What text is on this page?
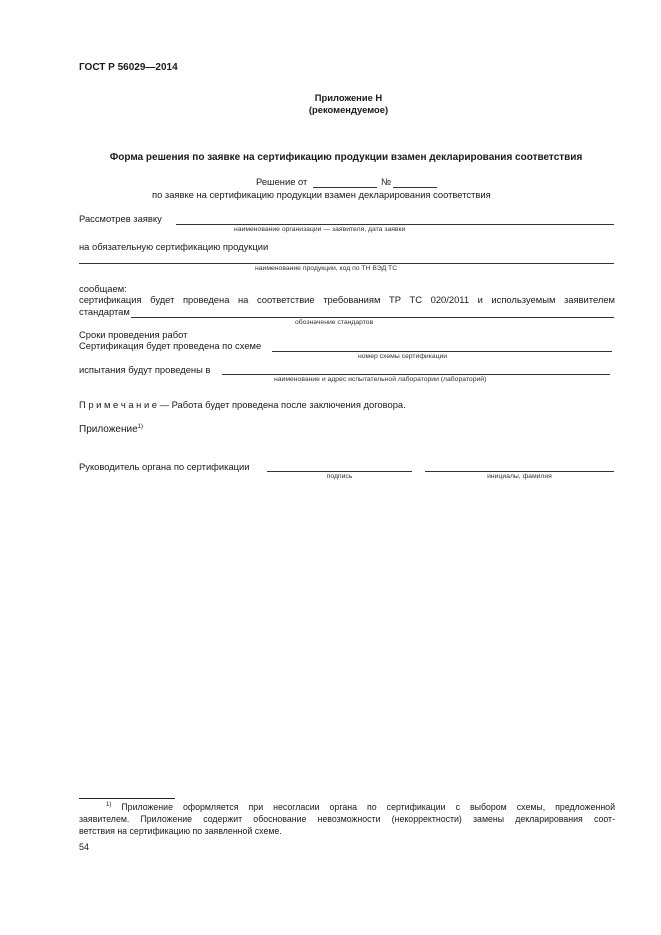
ГОСТ Р 56029—2014
Приложение Н
(рекомендуемое)
Форма решения по заявке на сертификацию продукции взамен декларирования соответствия
Решение от	№
по заявке на сертификацию продукции взамен декларирования соответствия
Рассмотрев заявку
наименование организации — заявителя, дата заявки
на обязательную сертификацию продукции
наименование продукции, код по ТН ВЭД ТС
сообщаем:
сертификация будет проведена на соответствие требованиям ТР ТС 020/2011 и используемым заявителем
стандартам
обозначение стандартов
Сроки проведения работ
Сертификация будет проведена по схеме
номер схемы сертификации
испытания будут проведены в
наименование и адрес испытательной лаборатории (лабораторий)
П р и м е ч а н и е — Работа будет проведена после заключения договора.
Приложение$^{1)}$
Руководитель органа по сертификации
подпись	инициалы, фамилия
$^{1)}$ Приложение оформляется при несогласии органа по сертификации с выбором схемы, предложенной
заявителем. Приложение содержит обоснование невозможности (некорректности) замены декларирования соот-
ветствия на сертификацию по заявленной схеме.
54
